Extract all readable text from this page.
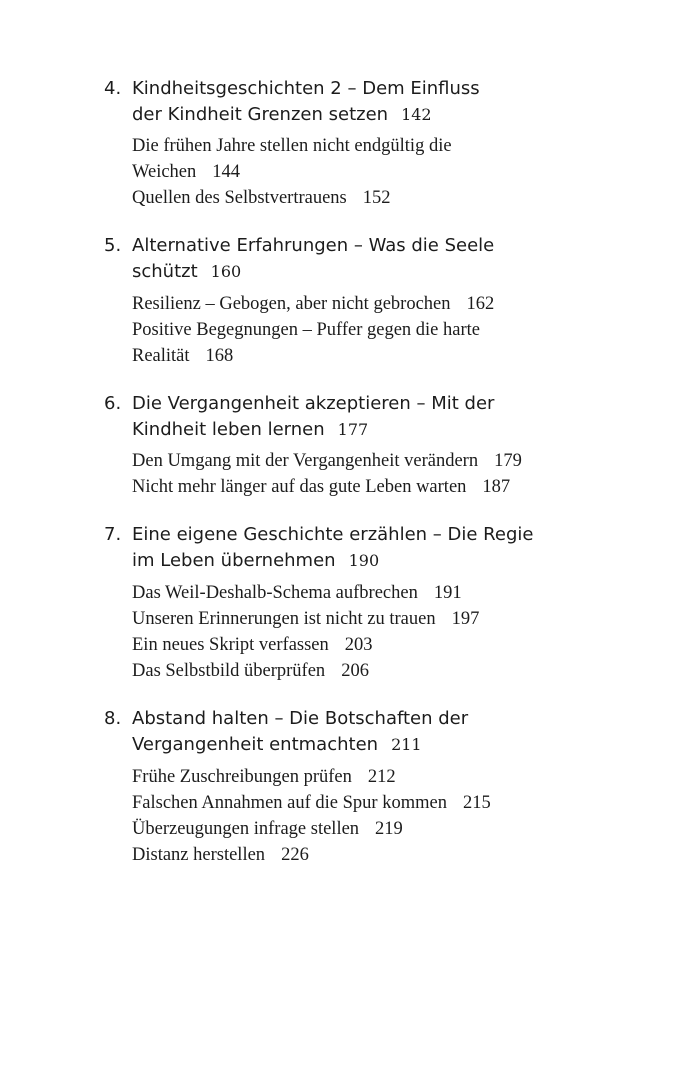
4. Kindheitsgeschichten 2 – Dem Einfluss
der Kindheit Grenzen setzen 142
Die frühen Jahre stellen nicht endgültig die
Weichen 144
Quellen des Selbstvertrauens 152
5. Alternative Erfahrungen – Was die Seele
schützt 160
Resilienz – Gebogen, aber nicht gebrochen 162
Positive Begegnungen – Puffer gegen die harte
Realität 168
6. Die Vergangenheit akzeptieren – Mit der
Kindheit leben lernen 177
Den Umgang mit der Vergangenheit verändern 179
Nicht mehr länger auf das gute Leben warten 187
7. Eine eigene Geschichte erzählen – Die Regie
im Leben übernehmen 190
Das Weil-Deshalb-Schema aufbrechen 191
Unseren Erinnerungen ist nicht zu trauen 197
Ein neues Skript verfassen 203
Das Selbstbild überprüfen 206
8. Abstand halten – Die Botschaften der
Vergangenheit entmachten 211
Frühe Zuschreibungen prüfen 212
Falschen Annahmen auf die Spur kommen 215
Überzeugungen infrage stellen 219
Distanz herstellen 226
